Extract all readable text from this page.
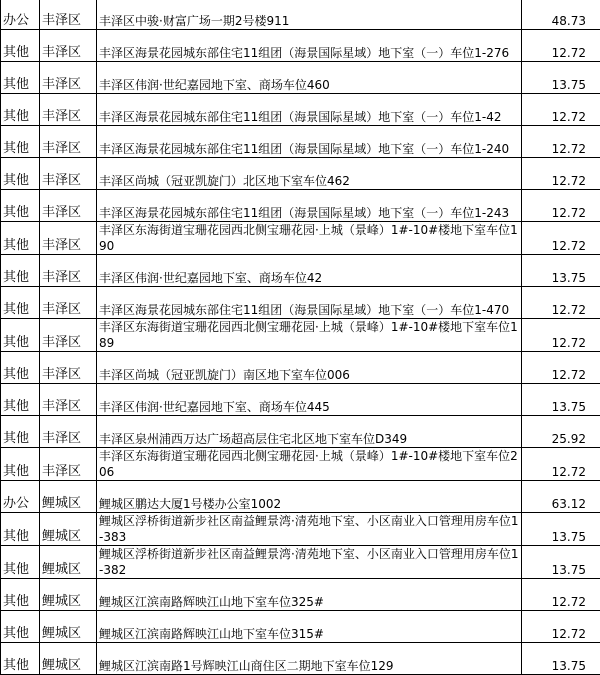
办公	丰泽区	丰泽区中骏·财富广场一期2号楼911	48.73
其他	丰泽区	丰泽区海景花园城东部住宅11组团（海景国际星域）地下室（一）车位1-276	12.72
其他	丰泽区	丰泽区伟润·世纪嘉园地下室、商场车位460	13.75
其他	丰泽区	丰泽区海景花园城东部住宅11组团（海景国际星域）地下室（一）车位1-42	12.72
其他	丰泽区	丰泽区海景花园城东部住宅11组团（海景国际星域）地下室（一）车位1-240	12.72
其他	丰泽区	丰泽区尚城（冠亚凯旋门）北区地下室车位462	12.72
其他	丰泽区	丰泽区海景花园城东部住宅11组团（海景国际星域）地下室（一）车位1-243	12.72
其他	丰泽区	丰泽区东海街道宝珊花园西北侧宝珊花园·上城（景峰）1#-10#楼地下室车位190	12.72
其他	丰泽区	丰泽区伟润·世纪嘉园地下室、商场车位42	13.75
其他	丰泽区	丰泽区海景花园城东部住宅11组团（海景国际星域）地下室（一）车位1-470	12.72
其他	丰泽区	丰泽区东海街道宝珊花园西北侧宝珊花园·上城（景峰）1#-10#楼地下室车位189	12.72
其他	丰泽区	丰泽区尚城（冠亚凯旋门）南区地下室车位006	12.72
其他	丰泽区	丰泽区伟润·世纪嘉园地下室、商场车位445	13.75
其他	丰泽区	丰泽区泉州浦西万达广场超高层住宅北区地下室车位D349	25.92
其他	丰泽区	丰泽区东海街道宝珊花园西北侧宝珊花园·上城（景峰）1#-10#楼地下室车位206	12.72
办公	鲤城区	鲤城区鹏达大厦1号楼办公室1002	63.12
其他	鲤城区	鲤城区浮桥街道新步社区南益鲤景湾·清苑地下室、小区南业入口管理用房车位1-383	13.75
其他	鲤城区	鲤城区浮桥街道新步社区南益鲤景湾·清苑地下室、小区南业入口管理用房车位1-382	13.75
其他	鲤城区	鲤城区江滨南路辉映江山地下室车位325#	12.72
其他	鲤城区	鲤城区江滨南路辉映江山地下室车位315#	12.72
其他	鲤城区	鲤城区江滨南路1号辉映江山商住区二期地下室车位129	13.75
